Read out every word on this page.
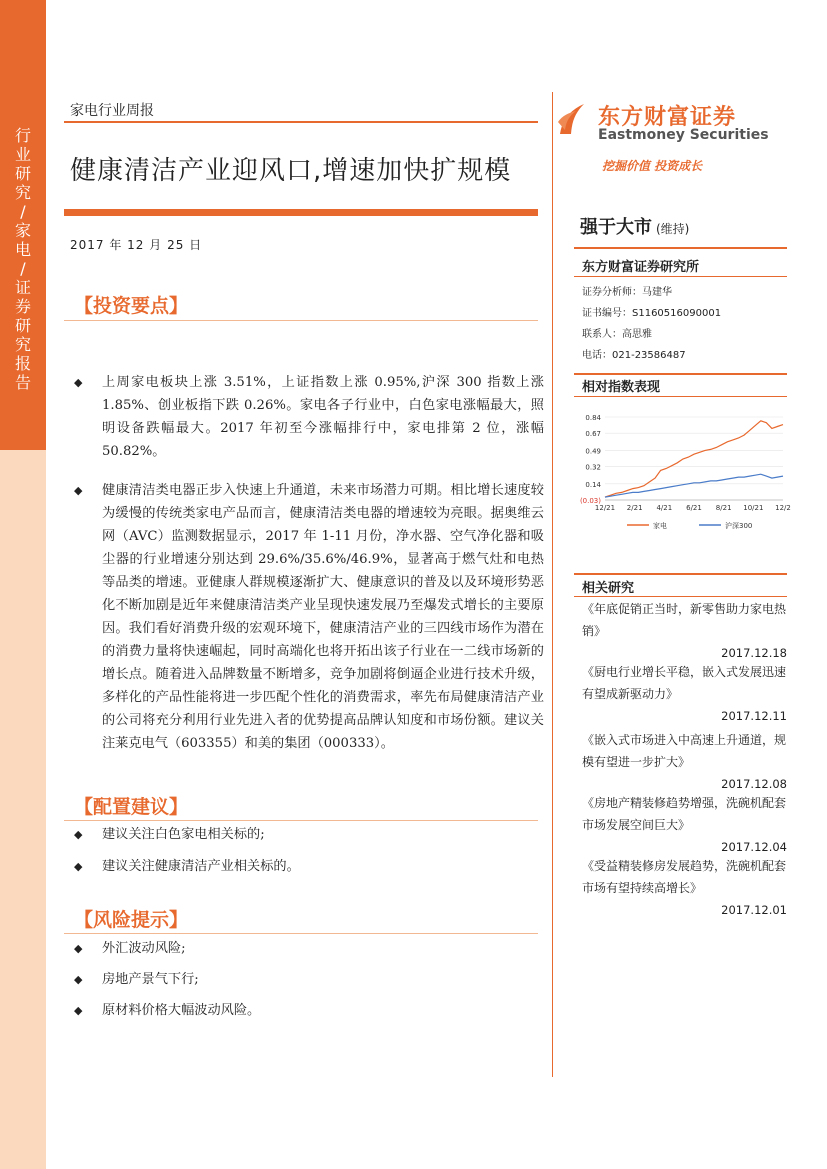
行业研究 / 家电 / 证券研究报告
家电行业周报
健康清洁产业迎风口,增速加快扩规模
2017 年 12 月 25 日
【投资要点】
◆	上周家电板块上涨 3.51%，上证指数上涨 0.95%,沪深 300 指数上涨 1.85%、创业板指下跌 0.26%。家电各子行业中，白色家电涨幅最大，照明设备跌幅最大。2017 年初至今涨幅排行中，家电排第 2 位，涨幅 50.82%。
◆	健康清洁类电器正步入快速上升通道，未来市场潜力可期。相比增长速度较为缓慢的传统类家电产品而言，健康清洁类电器的增速较为亮眼。据奥维云网（AVC）监测数据显示，2017 年 1-11 月份，净水器、空气净化器和吸尘器的行业增速分别达到 29.6%/35.6%/46.9%，显著高于燃气灶和电热等品类的增速。亚健康人群规模逐渐扩大、健康意识的普及以及环境形势恶化不断加剧是近年来健康清洁类产业呈现快速发展乃至爆发式增长的主要原因。我们看好消费升级的宏观环境下，健康清洁产业的三四线市场作为潜在的消费力量将快速崛起，同时高端化也将开拓出该子行业在一二线市场新的增长点。随着进入品牌数量不断增多，竞争加剧将倒逼企业进行技术升级，多样化的产品性能将进一步匹配个性化的消费需求，率先布局健康清洁产业的公司将充分利用行业先进入者的优势提高品牌认知度和市场份额。建议关注莱克电气（603355）和美的集团（000333）。
【配置建议】
◆	建议关注白色家电相关标的;
◆	建议关注健康清洁产业相关标的。
【风险提示】
◆	外汇波动风险;
◆	房地产景气下行;
◆	原材料价格大幅波动风险。
东方财富证券
Eastmoney Securities
挖掘价值 投资成长
强于大市 (维持)
东方财富证券研究所
证券分析师：马建华
证书编号：S1160516090001
联系人：高思雅
电话：021-23586487
相对指数表现
0.84
0.67
0.49
0.32
0.14
(0.03)
12/21 2/21 4/21 6/21 8/21 10/21 12/2
家电	沪深300
相关研究
《年底促销正当时，新零售助力家电热销》
2017.12.18
《厨电行业增长平稳，嵌入式发展迅速有望成新驱动力》
2017.12.11
《嵌入式市场进入中高速上升通道，规模有望进一步扩大》
2017.12.08
《房地产精装修趋势增强，洗碗机配套市场发展空间巨大》
2017.12.04
《受益精装修房发展趋势，洗碗机配套市场有望持续高增长》
2017.12.01
